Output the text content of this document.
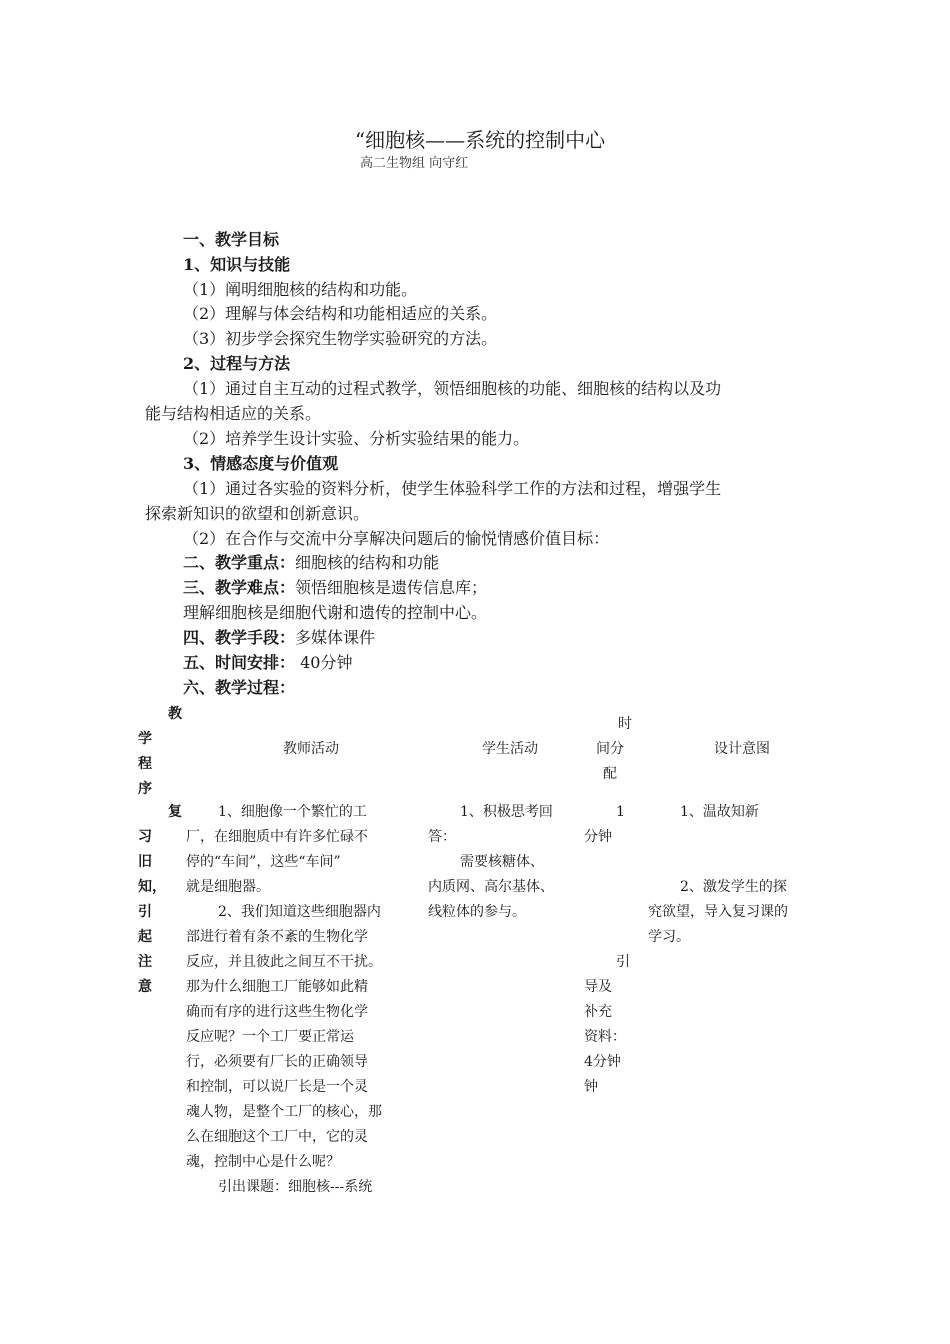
“细胞核——系统的控制中心
高二生物组 向守红
一、教学目标
1、知识与技能
（1）阐明细胞核的结构和功能。
（2）理解与体会结构和功能相适应的关系。
（3）初步学会探究生物学实验研究的方法。
2、过程与方法
（1）通过自主互动的过程式教学，领悟细胞核的功能、细胞核的结构以及功
能与结构相适应的关系。
（2）培养学生设计实验、分析实验结果的能力。
3、情感态度与价值观
（1）通过各实验的资料分析，使学生体验科学工作的方法和过程，增强学生
探索新知识的欲望和创新意识。
（2）在合作与交流中分享解决问题后的愉悦情感价值目标：
二、教学重点：细胞核的结构和功能
三、教学难点：领悟细胞核是遗传信息库；
理解细胞核是细胞代谢和遗传的控制中心。
四、教学手段：多媒体课件
五、时间安排： 40分钟
六、教学过程：
教
学
程
序
教师活动	学生活动
时
间分
配
设计意图
复
习
旧
知，
引
起
注
意
1、细胞像一个繁忙的工
厂，在细胞质中有许多忙碌不
停的“车间”，这些“车间”
就是细胞器。
2、我们知道这些细胞器内
部进行着有条不紊的生物化学
反应，并且彼此之间互不干扰。
那为什么细胞工厂能够如此精
确而有序的进行这些生物化学
反应呢？一个工厂要正常运
行，必须要有厂长的正确领导
和控制，可以说厂长是一个灵
魂人物，是整个工厂的核心，那
么在细胞这个工厂中，它的灵
魂，控制中心是什么呢？
引出课题：细胞核---系统
1、积极思考回
答：
需要核糖体、
内质网、高尔基体、
线粒体的参与。
1
分钟
引
导及
补充
资料：
4分钟
钟
1、温故知新
2、激发学生的探
究欲望，导入复习课的
学习。
